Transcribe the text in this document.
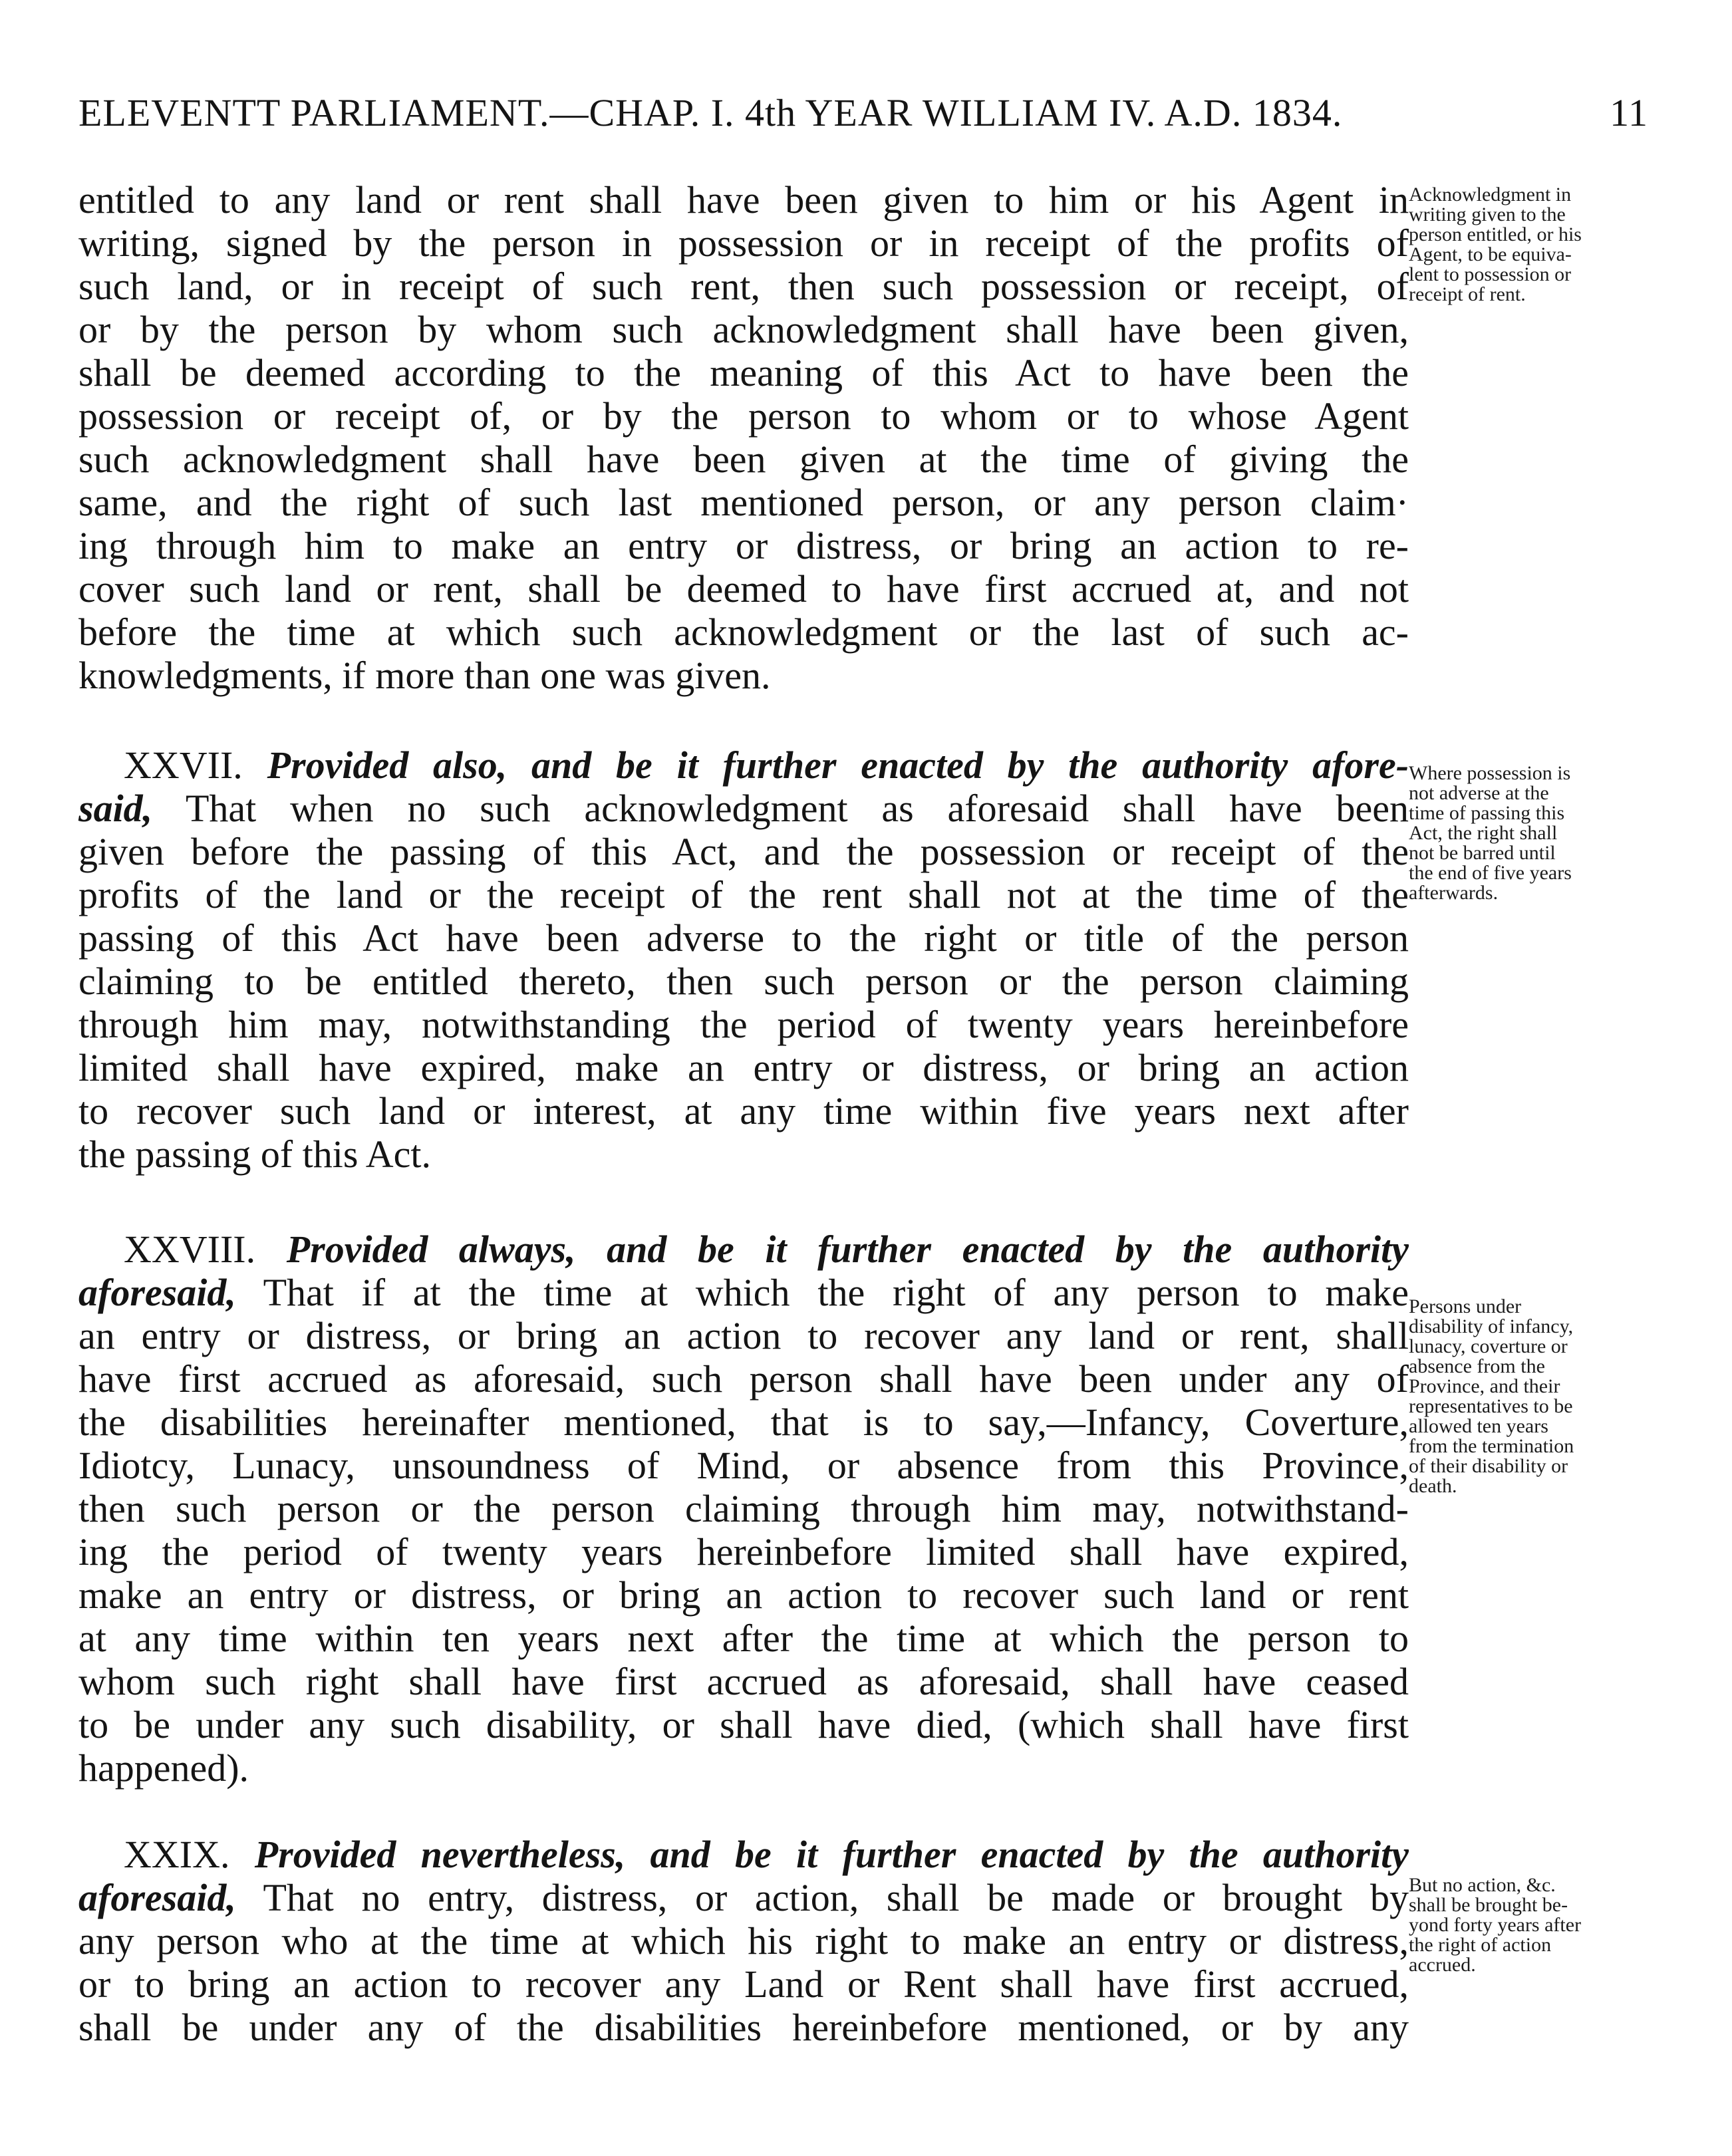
ELEVENTT PARLIAMENT.—CHAP. I. 4th YEAR WILLIAM IV. A.D. 1834.	11
entitled to any land or rent shall have been given to him or his Agent in
writing, signed by the person in possession or in receipt of the profits of
such land, or in receipt of such rent, then such possession or receipt, of
or by the person by whom such acknowledgment shall have been given,
shall be deemed according to the meaning of this Act to have been the
possession or receipt of, or by the person to whom or to whose Agent
such acknowledgment shall have been given at the time of giving the
same, and the right of such last mentioned person, or any person claim·
ing through him to make an entry or distress, or bring an action to re-
cover such land or rent, shall be deemed to have first accrued at, and not
before the time at which such acknowledgment or the last of such ac-
knowledgments, if more than one was given.
Acknowledgment in
writing given to the
person entitled, or his
Agent, to be equiva-
lent to possession or
receipt of rent.
XXVII. Provided also, and be it further enacted by the authority afore-
said, That when no such acknowledgment as aforesaid shall have been
given before the passing of this Act, and the possession or receipt of the
profits of the land or the receipt of the rent shall not at the time of the
passing of this Act have been adverse to the right or title of the person
claiming to be entitled thereto, then such person or the person claiming
through him may, notwithstanding the period of twenty years hereinbefore
limited shall have expired, make an entry or distress, or bring an action
to recover such land or interest, at any time within five years next after
the passing of this Act.
Where possession is
not adverse at the
time of passing this
Act, the right shall
not be barred until
the end of five years
afterwards.
XXVIII. Provided always, and be it further enacted by the authority
aforesaid, That if at the time at which the right of any person to make
an entry or distress, or bring an action to recover any land or rent, shall
have first accrued as aforesaid, such person shall have been under any of
the disabilities hereinafter mentioned, that is to say,—Infancy, Coverture,
Idiotcy, Lunacy, unsoundness of Mind, or absence from this Province,
then such person or the person claiming through him may, notwithstand-
ing the period of twenty years hereinbefore limited shall have expired,
make an entry or distress, or bring an action to recover such land or rent
at any time within ten years next after the time at which the person to
whom such right shall have first accrued as aforesaid, shall have ceased
to be under any such disability, or shall have died, (which shall have first
happened).
Persons under
disability of infancy,
lunacy, coverture or
absence from the
Province, and their
representatives to be
allowed ten years
from the termination
of their disability or
death.
XXIX. Provided nevertheless, and be it further enacted by the authority
aforesaid, That no entry, distress, or action, shall be made or brought by
any person who at the time at which his right to make an entry or distress,
or to bring an action to recover any Land or Rent shall have first accrued,
shall be under any of the disabilities hereinbefore mentioned, or by any
But no action, &c.
shall be brought be-
yond forty years after
the right of action
accrued.
